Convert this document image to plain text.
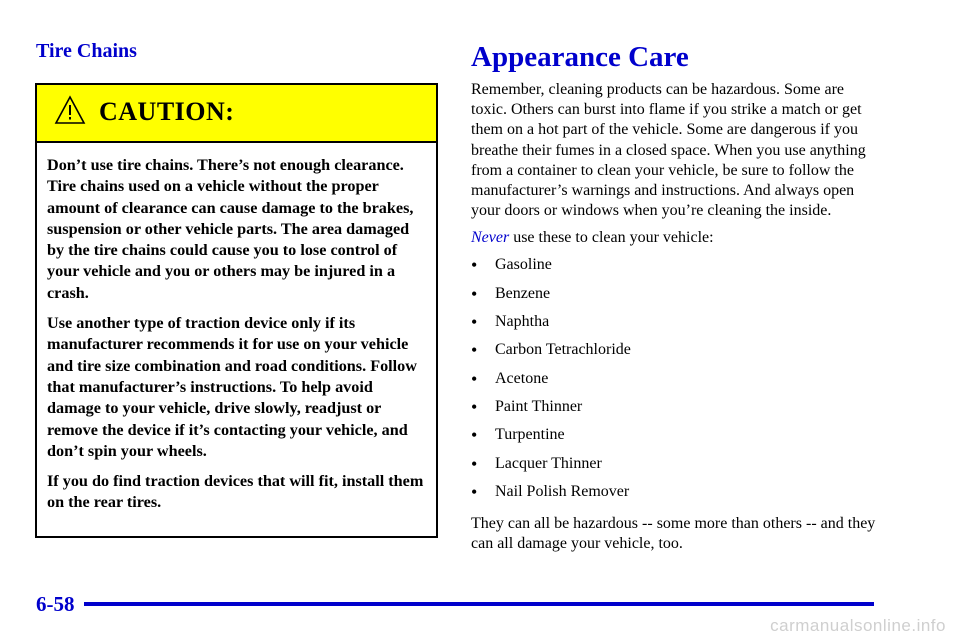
Tire Chains
CAUTION:

Don’t use tire chains. There’s not enough clearance. Tire chains used on a vehicle without the proper amount of clearance can cause damage to the brakes, suspension or other vehicle parts. The area damaged by the tire chains could cause you to lose control of your vehicle and you or others may be injured in a crash.

Use another type of traction device only if its manufacturer recommends it for use on your vehicle and tire size combination and road conditions. Follow that manufacturer’s instructions. To help avoid damage to your vehicle, drive slowly, readjust or remove the device if it’s contacting your vehicle, and don’t spin your wheels.

If you do find traction devices that will fit, install them on the rear tires.

Appearance Care

Remember, cleaning products can be hazardous. Some are toxic. Others can burst into flame if you strike a match or get them on a hot part of the vehicle. Some are dangerous if you breathe their fumes in a closed space. When you use anything from a container to clean your vehicle, be sure to follow the manufacturer’s warnings and instructions. And always open your doors or windows when you’re cleaning the inside.

Never use these to clean your vehicle:

•	Gasoline
•	Benzene
•	Naphtha
•	Carbon Tetrachloride
•	Acetone
•	Paint Thinner
•	Turpentine
•	Lacquer Thinner
•	Nail Polish Remover

They can all be hazardous -- some more than others -- and they can all damage your vehicle, too.

6-58
carmanualsonline.info
